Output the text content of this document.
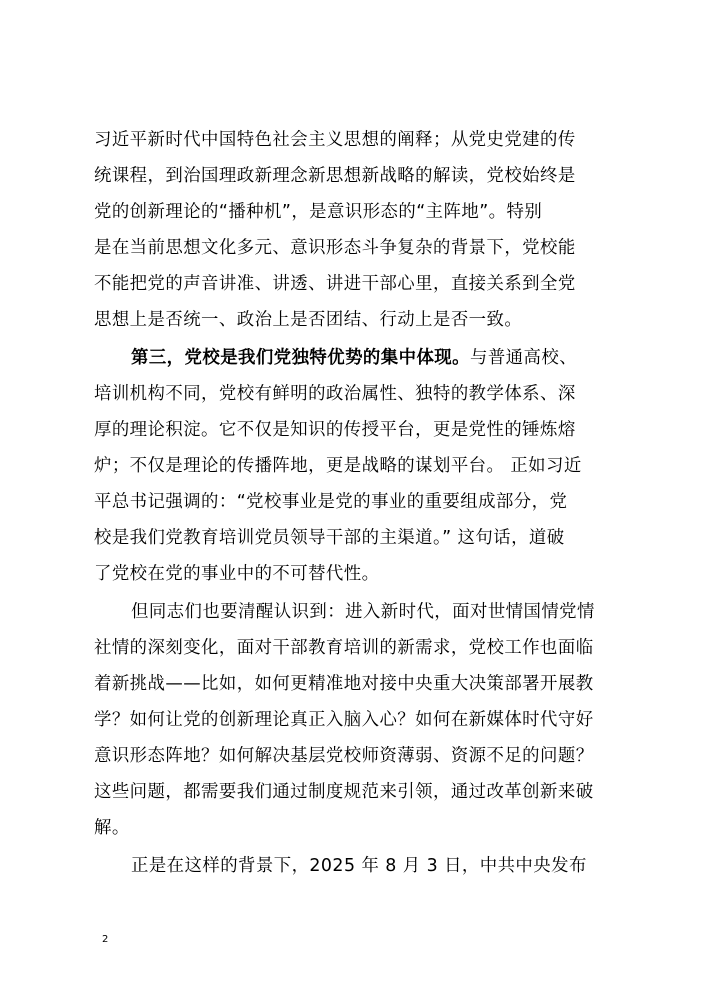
习近平新时代中国特色社会主义思想的阐释；从党史党建的传
统课程，到治国理政新理念新思想新战略的解读，党校始终是
党的创新理论的“播种机”，是意识形态的“主阵地”。特别
是在当前思想文化多元、意识形态斗争复杂的背景下，党校能
不能把党的声音讲准、讲透、讲进干部心里，直接关系到全党
思想上是否统一、政治上是否团结、行动上是否一致。
第三，党校是我们党独特优势的集中体现。与普通高校、
培训机构不同，党校有鲜明的政治属性、独特的教学体系、深
厚的理论积淀。它不仅是知识的传授平台，更是党性的锤炼熔
炉；不仅是理论的传播阵地，更是战略的谋划平台。 正如习近
平总书记强调的：“党校事业是党的事业的重要组成部分，党
校是我们党教育培训党员领导干部的主渠道。” 这句话，道破
了党校在党的事业中的不可替代性。
但同志们也要清醒认识到：进入新时代，面对世情国情党情
社情的深刻变化，面对干部教育培训的新需求，党校工作也面临
着新挑战——比如，如何更精准地对接中央重大决策部署开展教
学？如何让党的创新理论真正入脑入心？如何在新媒体时代守好
意识形态阵地？如何解决基层党校师资薄弱、资源不足的问题？
这些问题，都需要我们通过制度规范来引领，通过改革创新来破
解。
正是在这样的背景下，2025 年 8 月 3 日，中共中央发布
2
